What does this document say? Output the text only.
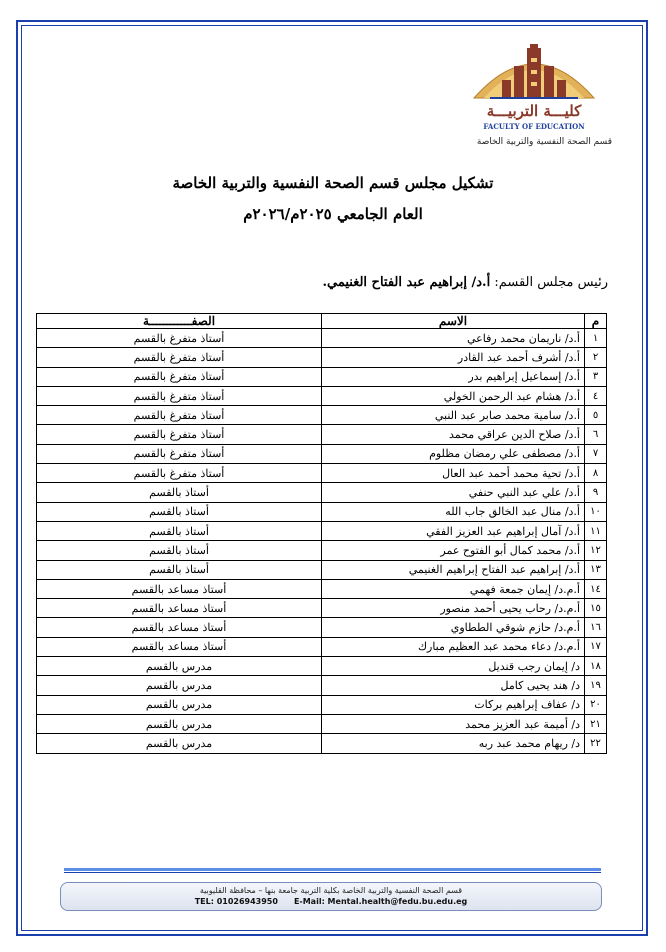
كليـــة التربيـــة
FACULTY OF EDUCATION
قسم الصحة النفسية والتربية الخاصة
تشكيل مجلس قسم الصحة النفسية والتربية الخاصة
العام الجامعي ٢٠٢٥م/٢٠٢٦م
رئيس مجلس القسم: أ.د/ إبراهيم عبد الفتاح الغنيمي.
م	الاسم	الصفــــــــــــة
١	أ.د/ ناريمان محمد رفاعي	أستاذ متفرغ بالقسم
٢	أ.د/ أشرف أحمد عبد القادر	أستاذ متفرغ بالقسم
٣	أ.د/ إسماعيل إبراهيم بدر	أستاذ متفرغ بالقسم
٤	أ.د/ هشام عبد الرحمن الخولي	أستاذ متفرغ بالقسم
٥	أ.د/ سامية محمد صابر عبد النبي	أستاذ متفرغ بالقسم
٦	أ.د/ صلاح الدين عراقي محمد	أستاذ متفرغ بالقسم
٧	أ.د/ مصطفى علي رمضان مظلوم	أستاذ متفرغ بالقسم
٨	أ.د/ تحية محمد أحمد عبد العال	أستاذ متفرغ بالقسم
٩	أ.د/ علي عبد النبي حنفي	أستاذ بالقسم
١٠	أ.د/ منال عبد الخالق جاب الله	أستاذ بالقسم
١١	أ.د/ آمال إبراهيم عبد العزيز الفقي	أستاذ بالقسم
١٢	أ.د/ محمد كمال أبو الفتوح عمر	أستاذ بالقسم
١٣	أ.د/ إبراهيم عبد الفتاح إبراهيم الغنيمي	أستاذ بالقسم
١٤	أ.م.د/ إيمان جمعة فهمي	أستاذ مساعد بالقسم
١٥	أ.م.د/ رحاب يحيى أحمد منصور	أستاذ مساعد بالقسم
١٦	أ.م.د/ حازم شوقي الططاوي	أستاذ مساعد بالقسم
١٧	أ.م.د/ دعاء محمد عبد العظيم مبارك	أستاذ مساعد بالقسم
١٨	د/ إيمان رجب قنديل	مدرس بالقسم
١٩	د/ هند يحيى كامل	مدرس بالقسم
٢٠	د/ عفاف إبراهيم بركات	مدرس بالقسم
٢١	د/ أميمة عبد العزيز محمد	مدرس بالقسم
٢٢	د/ ريهام محمد عبد ربه	مدرس بالقسم
قسم الصحة النفسية والتربية الخاصة بكلية التربية جامعة بنها – محافظة القليوبية
TEL: 01026943950 E-Mail: Mental.health@fedu.bu.edu.eg
